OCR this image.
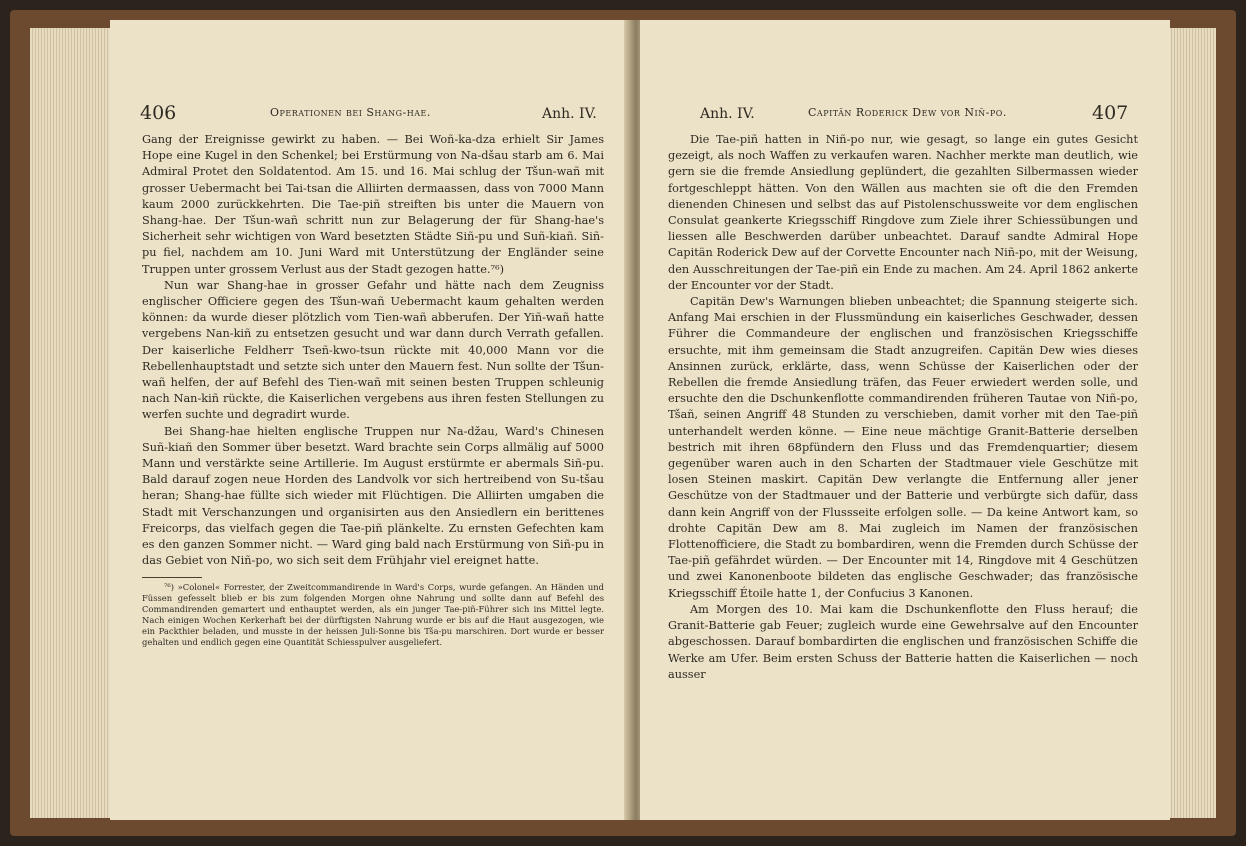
406	Operationen bei Shang-hae.	Anh. IV.

Gang der Ereignisse gewirkt zu haben. — Bei Woñ-ka-dza erhielt Sir James Hope eine Kugel in den Schenkel; bei Erstürmung von Na-dšau starb am 6. Mai Admiral Protet den Soldatentod. Am 15. und 16. Mai schlug der Tšun-wañ mit grosser Uebermacht bei Tai-tsan die Alliirten dermaassen, dass von 7000 Mann kaum 2000 zurückkehrten. Die Tae-piñ streiften bis unter die Mauern von Shang-hae. Der Tšun-wañ schritt nun zur Belagerung der für Shang-hae's Sicherheit sehr wichtigen von Ward besetzten Städte Siñ-pu und Suñ-kiañ. Siñ-pu fiel, nachdem am 10. Juni Ward mit Unterstützung der Engländer seine Truppen unter grossem Verlust aus der Stadt gezogen hatte.⁷⁶)

Nun war Shang-hae in grosser Gefahr und hätte nach dem Zeugniss englischer Officiere gegen des Tšun-wañ Uebermacht kaum gehalten werden können: da wurde dieser plötzlich vom Tien-wañ abberufen. Der Yiñ-wañ hatte vergebens Nan-kiñ zu entsetzen gesucht und war dann durch Verrath gefallen. Der kaiserliche Feldherr Tseñ-kwo-tsun rückte mit 40,000 Mann vor die Rebellenhauptstadt und setzte sich unter den Mauern fest. Nun sollte der Tšun-wañ helfen, der auf Befehl des Tien-wañ mit seinen besten Truppen schleunig nach Nan-kiñ rückte, die Kaiserlichen vergebens aus ihren festen Stellungen zu werfen suchte und degradirt wurde.

Bei Shang-hae hielten englische Truppen nur Na-džau, Ward's Chinesen Suñ-kiañ den Sommer über besetzt. Ward brachte sein Corps allmälig auf 5000 Mann und verstärkte seine Artillerie. Im August erstürmte er abermals Siñ-pu. Bald darauf zogen neue Horden des Landvolk vor sich hertreibend von Su-tšau heran; Shang-hae füllte sich wieder mit Flüchtigen. Die Alliirten umgaben die Stadt mit Verschanzungen und organisirten aus den Ansiedlern ein berittenes Freicorps, das vielfach gegen die Tae-piñ plänkelte. Zu ernsten Gefechten kam es den ganzen Sommer nicht. — Ward ging bald nach Erstürmung von Siñ-pu in das Gebiet von Niñ-po, wo sich seit dem Frühjahr viel ereignet hatte.

⁷⁶) »Colonel« Forrester, der Zweitcommandirende in Ward's Corps, wurde gefangen. An Händen und Füssen gefesselt blieb er bis zum folgenden Morgen ohne Nahrung und sollte dann auf Befehl des Commandirenden gemartert und enthauptet werden, als ein junger Tae-piñ-Führer sich ins Mittel legte. Nach einigen Wochen Kerkerhaft bei der dürftigsten Nahrung wurde er bis auf die Haut ausgezogen, wie ein Packthier beladen, und musste in der heissen Juli-Sonne bis Tša-pu marschiren. Dort wurde er besser gehalten und endlich gegen eine Quantität Schiesspulver ausgeliefert.

Anh. IV.	Capitän Roderick Dew vor Niñ-po.	407

Die Tae-piñ hatten in Niñ-po nur, wie gesagt, so lange ein gutes Gesicht gezeigt, als noch Waffen zu verkaufen waren. Nachher merkte man deutlich, wie gern sie die fremde Ansiedlung geplündert, die gezahlten Silbermassen wieder fortgeschleppt hätten. Von den Wällen aus machten sie oft die den Fremden dienenden Chinesen und selbst das auf Pistolenschussweite vor dem englischen Consulat geankerte Kriegsschiff Ringdove zum Ziele ihrer Schiessübungen und liessen alle Beschwerden darüber unbeachtet. Darauf sandte Admiral Hope Capitän Roderick Dew auf der Corvette Encounter nach Niñ-po, mit der Weisung, den Ausschreitungen der Tae-piñ ein Ende zu machen. Am 24. April 1862 ankerte der Encounter vor der Stadt.

Capitän Dew's Warnungen blieben unbeachtet; die Spannung steigerte sich. Anfang Mai erschien in der Flussmündung ein kaiserliches Geschwader, dessen Führer die Commandeure der englischen und französischen Kriegsschiffe ersuchte, mit ihm gemeinsam die Stadt anzugreifen. Capitän Dew wies dieses Ansinnen zurück, erklärte, dass, wenn Schüsse der Kaiserlichen oder der Rebellen die fremde Ansiedlung träfen, das Feuer erwiedert werden solle, und ersuchte den die Dschunkenflotte commandirenden früheren Tautae von Niñ-po, Tšañ, seinen Angriff 48 Stunden zu verschieben, damit vorher mit den Tae-piñ unterhandelt werden könne. — Eine neue mächtige Granit-Batterie derselben bestrich mit ihren 68pfündern den Fluss und das Fremdenquartier; diesem gegenüber waren auch in den Scharten der Stadtmauer viele Geschütze mit losen Steinen maskirt. Capitän Dew verlangte die Entfernung aller jener Geschütze von der Stadtmauer und der Batterie und verbürgte sich dafür, dass dann kein Angriff von der Flussseite erfolgen solle. — Da keine Antwort kam, so drohte Capitän Dew am 8. Mai zugleich im Namen der französischen Flottenofficiere, die Stadt zu bombardiren, wenn die Fremden durch Schüsse der Tae-piñ gefährdet würden. — Der Encounter mit 14, Ringdove mit 4 Geschützen und zwei Kanonenboote bildeten das englische Geschwader; das französische Kriegsschiff Étoile hatte 1, der Confucius 3 Kanonen.

Am Morgen des 10. Mai kam die Dschunkenflotte den Fluss herauf; die Granit-Batterie gab Feuer; zugleich wurde eine Gewehrsalve auf den Encounter abgeschossen. Darauf bombardirten die englischen und französischen Schiffe die Werke am Ufer. Beim ersten Schuss der Batterie hatten die Kaiserlichen — noch ausser
